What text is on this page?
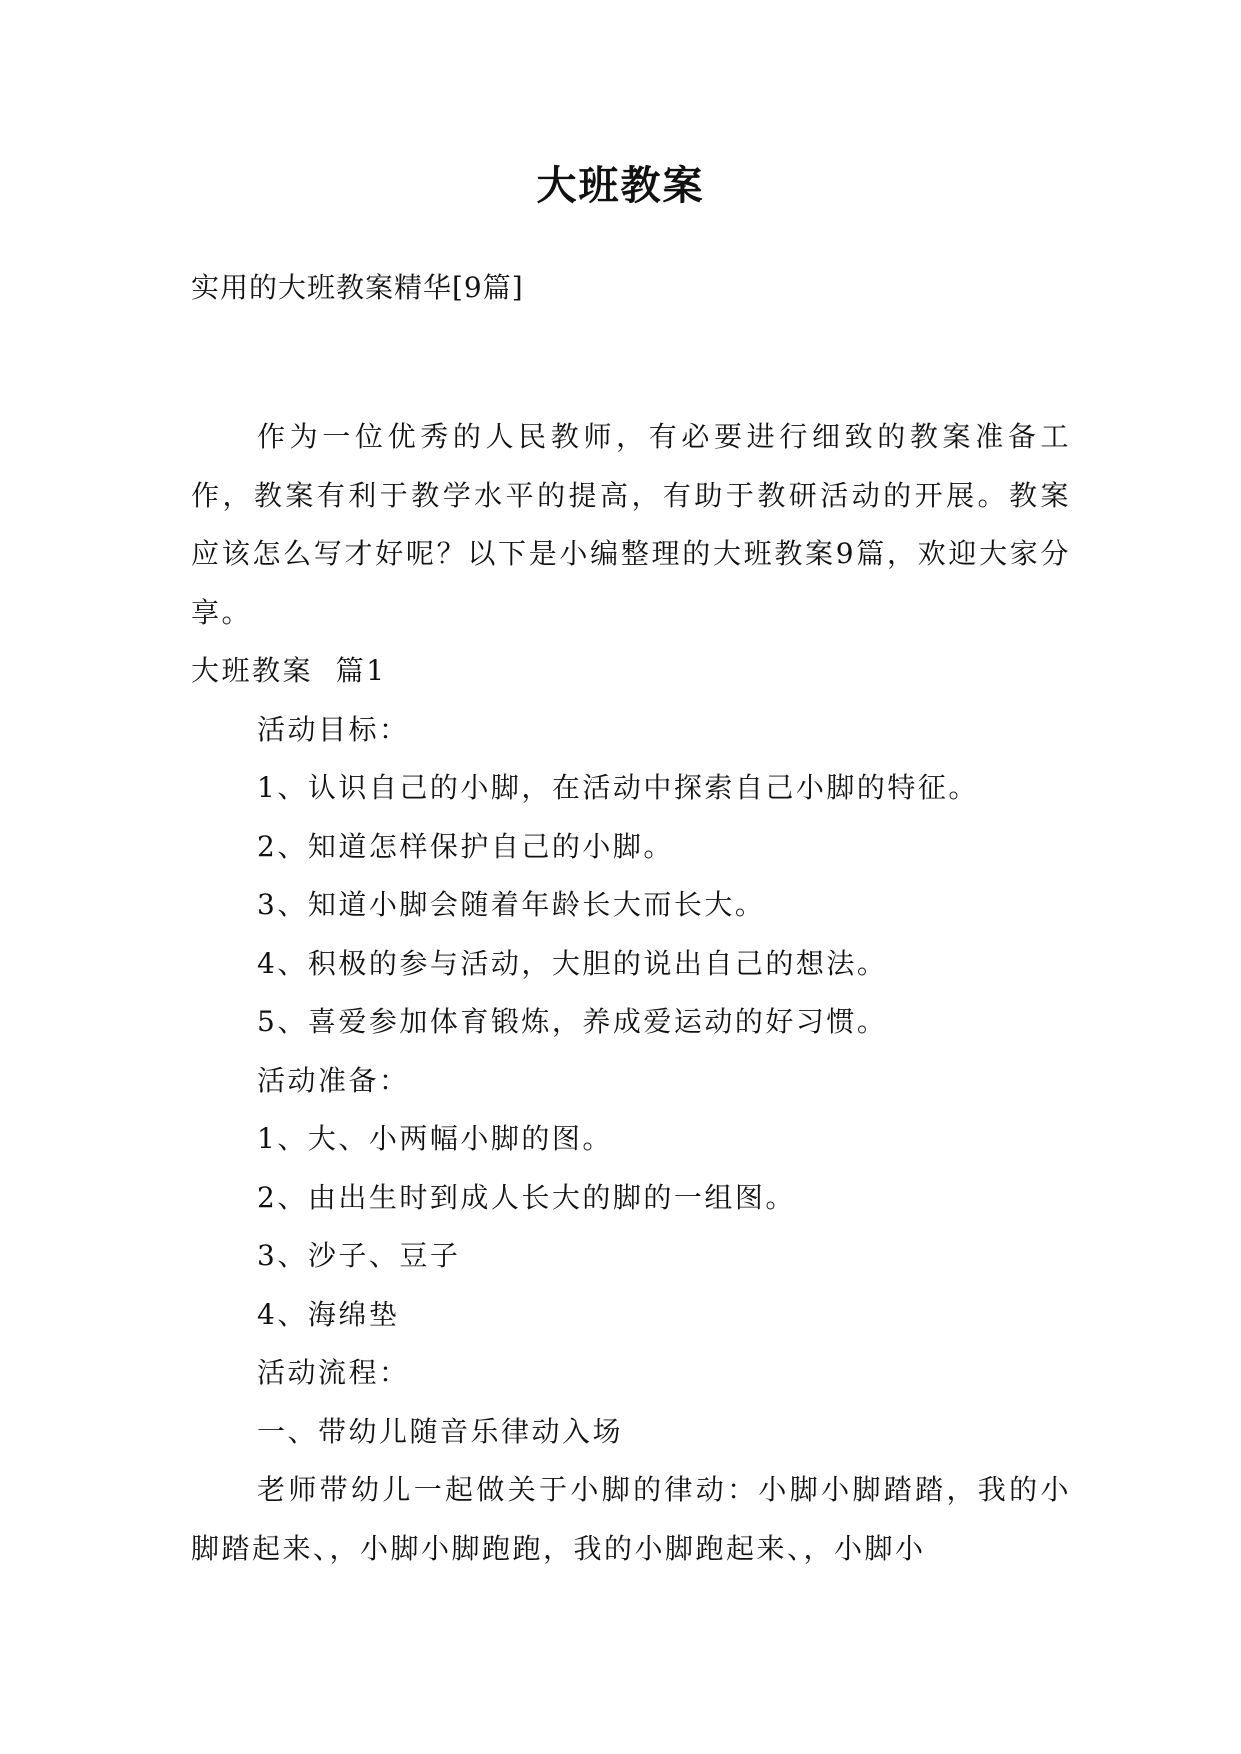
大班教案

实用的大班教案精华[9篇]

作为一位优秀的人民教师，有必要进行细致的教案准备工作，教案有利于教学水平的提高，有助于教研活动的开展。教案应该怎么写才好呢？以下是小编整理的大班教案9篇，欢迎大家分享。

大班教案  篇1

活动目标：

1、认识自己的小脚，在活动中探索自己小脚的特征。

2、知道怎样保护自己的小脚。

3、知道小脚会随着年龄长大而长大。

4、积极的参与活动，大胆的说出自己的想法。

5、喜爱参加体育锻炼，养成爱运动的好习惯。

活动准备：

1、大、小两幅小脚的图。

2、由出生时到成人长大的脚的一组图。

3、沙子、豆子

4、海绵垫

活动流程：

一、带幼儿随音乐律动入场

老师带幼儿一起做关于小脚的律动：小脚小脚踏踏，我的小脚踏起来、，小脚小脚跑跑，我的小脚跑起来、，小脚小
